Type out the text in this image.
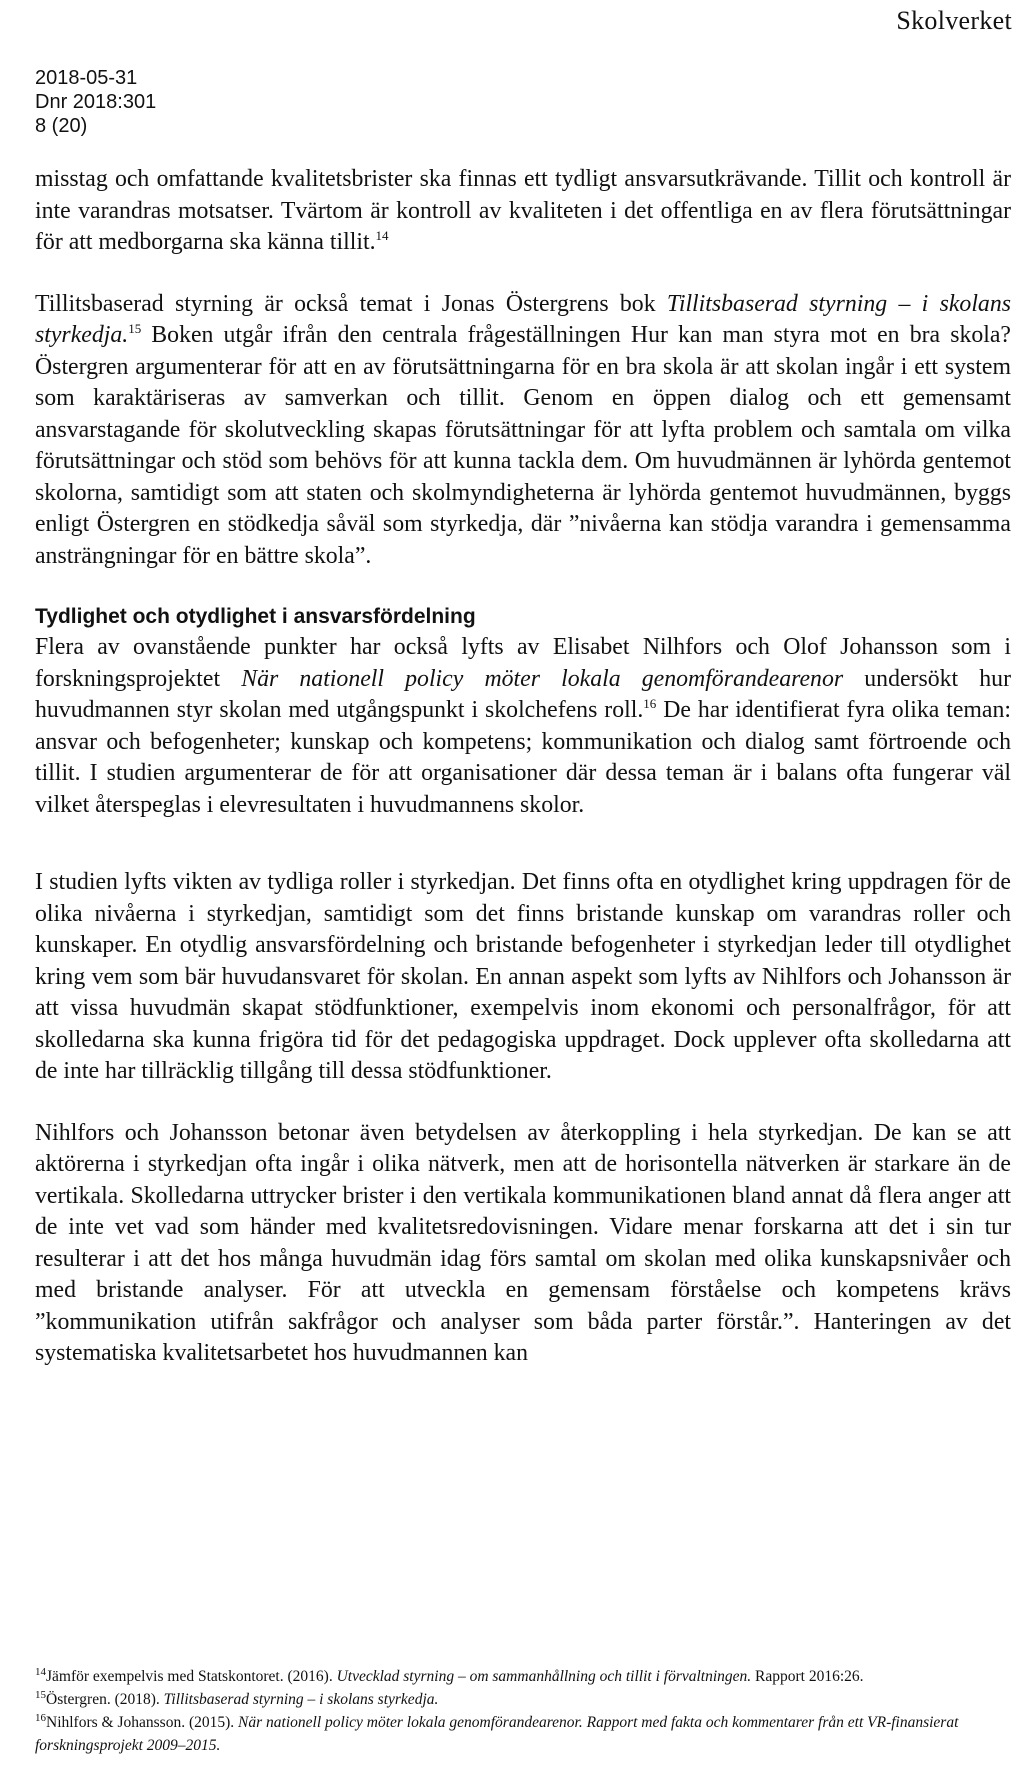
Skolverket
2018-05-31
Dnr 2018:301
8 (20)

misstag och omfattande kvalitetsbrister ska finnas ett tydligt ansvarsutkrävande. Tillit och kontroll är inte varandras motsatser. Tvärtom är kontroll av kvaliteten i det offentliga en av flera förutsättningar för att medborgarna ska känna tillit.$^{14}$

Tillitsbaserad styrning är också temat i Jonas Östergrens bok Tillitsbaserad styrning – i skolans styrkedja.$^{15}$ Boken utgår ifrån den centrala frågeställningen Hur kan man styra mot en bra skola? Östergren argumenterar för att en av förutsättningarna för en bra skola är att skolan ingår i ett system som karaktäriseras av samverkan och tillit. Genom en öppen dialog och ett gemensamt ansvarstagande för skolutveckling skapas förutsättningar för att lyfta problem och samtala om vilka förutsättningar och stöd som behövs för att kunna tackla dem. Om huvudmännen är lyhörda gentemot skolorna, samtidigt som att staten och skolmyndigheterna är lyhörda gentemot huvudmännen, byggs enligt Östergren en stödkedja såväl som styrkedja, där ”nivåerna kan stödja varandra i gemensamma ansträngningar för en bättre skola”.

Tydlighet och otydlighet i ansvarsfördelning

Flera av ovanstående punkter har också lyfts av Elisabet Nilhfors och Olof Johansson som i forskningsprojektet När nationell policy möter lokala genomförandearenor undersökt hur huvudmannen styr skolan med utgångspunkt i skolchefens roll.$^{16}$ De har identifierat fyra olika teman: ansvar och befogenheter; kunskap och kompetens; kommunikation och dialog samt förtroende och tillit. I studien argumenterar de för att organisationer där dessa teman är i balans ofta fungerar väl vilket återspeglas i elevresultaten i huvudmannens skolor.

I studien lyfts vikten av tydliga roller i styrkedjan. Det finns ofta en otydlighet kring uppdragen för de olika nivåerna i styrkedjan, samtidigt som det finns bristande kunskap om varandras roller och kunskaper. En otydlig ansvarsfördelning och bristande befogenheter i styrkedjan leder till otydlighet kring vem som bär huvudansvaret för skolan. En annan aspekt som lyfts av Nihlfors och Johansson är att vissa huvudmän skapat stödfunktioner, exempelvis inom ekonomi och personalfrågor, för att skolledarna ska kunna frigöra tid för det pedagogiska uppdraget. Dock upplever ofta skolledarna att de inte har tillräcklig tillgång till dessa stödfunktioner.

Nihlfors och Johansson betonar även betydelsen av återkoppling i hela styrkedjan. De kan se att aktörerna i styrkedjan ofta ingår i olika nätverk, men att de horisontella nätverken är starkare än de vertikala. Skolledarna uttrycker brister i den vertikala kommunikationen bland annat då flera anger att de inte vet vad som händer med kvalitetsredovisningen. Vidare menar forskarna att det i sin tur resulterar i att det hos många huvudmän idag förs samtal om skolan med olika kunskapsnivåer och med bristande analyser. För att utveckla en gemensam förståelse och kompetens krävs ”kommunikation utifrån sakfrågor och analyser som båda parter förstår.”. Hanteringen av det systematiska kvalitetsarbetet hos huvudmannen kan

$^{14}$Jämför exempelvis med Statskontoret. (2016). Utvecklad styrning – om sammanhållning och tillit i förvaltningen. Rapport 2016:26.

$^{15}$Östergren. (2018). Tillitsbaserad styrning – i skolans styrkedja.

$^{16}$Nihlfors & Johansson. (2015). När nationell policy möter lokala genomförandearenor. Rapport med fakta och kommentarer från ett VR-finansierat forskningsprojekt 2009–2015.
